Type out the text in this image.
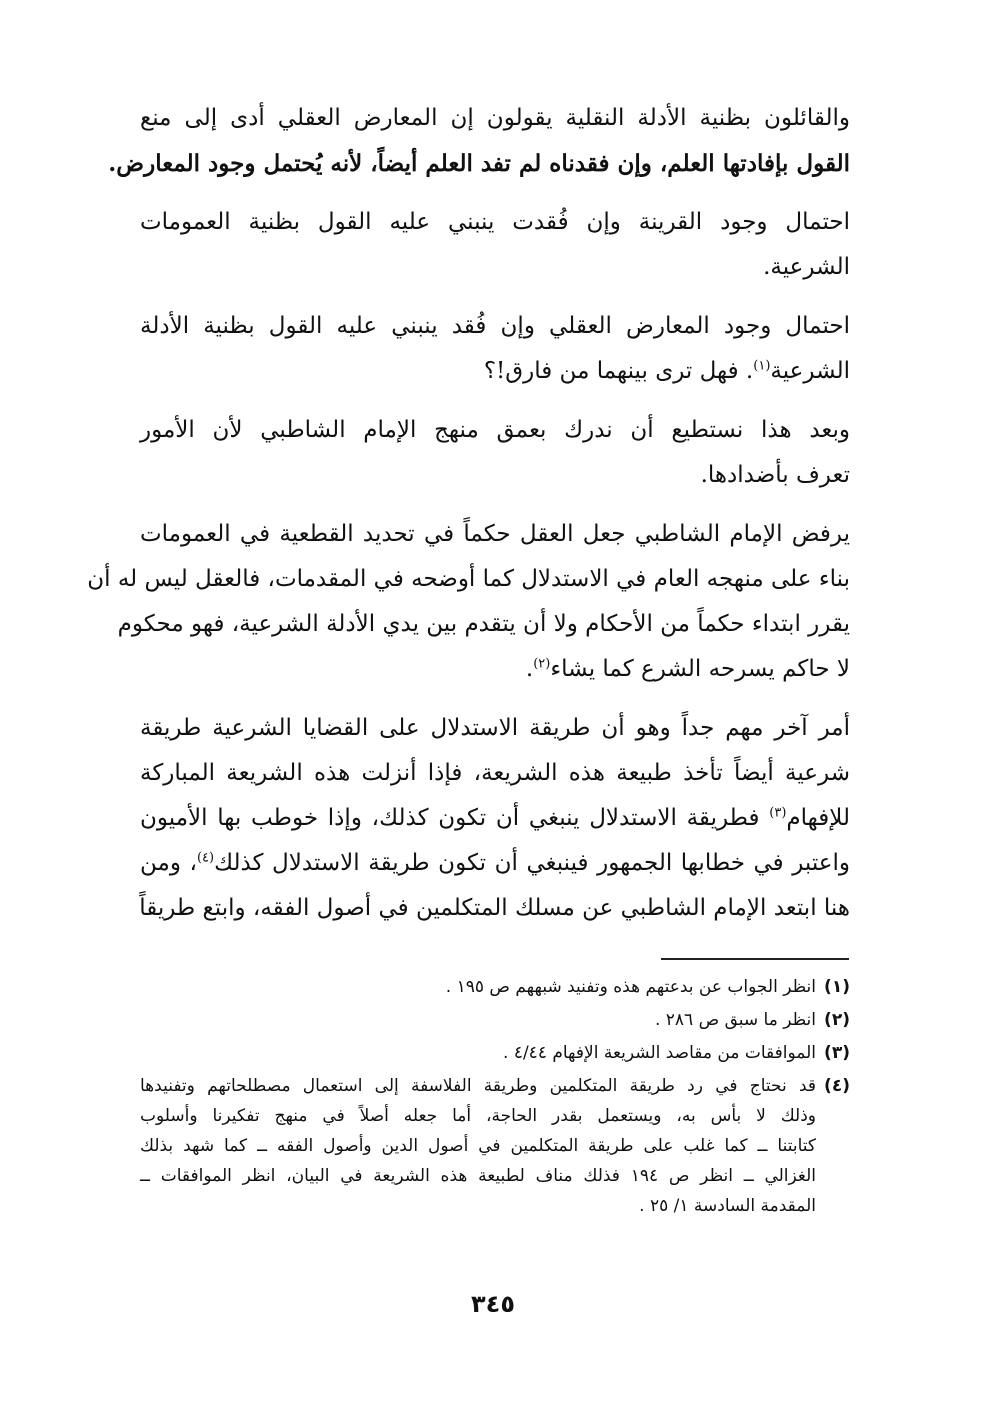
والقائلون بظنية الأدلة النقلية يقولون إن المعارض العقلي أدى إلى منع
القول بإفادتها العلم، وإن فقدناه لم تفد العلم أيضاً، لأنه يُحتمل وجود المعارض.
احتمال وجود القرينة وإن فُقدت ينبني عليه القول بظنية العمومات
الشرعية.
احتمال وجود المعارض العقلي وإن فُقد ينبني عليه القول بظنية الأدلة
الشرعية$^{(١)}$. فهل ترى بينهما من فارق!؟
وبعد هذا نستطيع أن ندرك بعمق منهج الإمام الشاطبي لأن الأمور
تعرف بأضدادها.
يرفض الإمام الشاطبي جعل العقل حكماً في تحديد القطعية في العمومات
بناء على منهجه العام في الاستدلال كما أوضحه في المقدمات، فالعقل ليس له أن
يقرر ابتداء حكماً من الأحكام ولا أن يتقدم بين يدي الأدلة الشرعية، فهو محكوم
لا حاكم يسرحه الشرع كما يشاء$^{(٢)}$.
أمر آخر مهم جداً وهو أن طريقة الاستدلال على القضايا الشرعية طريقة
شرعية أيضاً تأخذ طبيعة هذه الشريعة، فإذا أنزلت هذه الشريعة المباركة
للإفهام$^{(٣)}$ فطريقة الاستدلال ينبغي أن تكون كذلك، وإذا خوطب بها الأميون
واعتبر في خطابها الجمهور فينبغي أن تكون طريقة الاستدلال كذلك$^{(٤)}$، ومن
هنا ابتعد الإمام الشاطبي عن مسلك المتكلمين في أصول الفقه، وابتع طريقاً
(١)
انظر الجواب عن بدعتهم هذه وتفنيد شبههم ص ١٩٥ .
(٢)
انظر ما سبق ص ٢٨٦ .
(٣)
الموافقات من مقاصد الشريعة الإفهام ٤/٤٤ .
(٤)
قد نحتاج في رد طريقة المتكلمين وطريقة الفلاسفة إلى استعمال مصطلحاتهم وتفنيدها
وذلك لا بأس به، ويستعمل بقدر الحاجة، أما جعله أصلاً في منهج تفكيرنا وأسلوب
كتابتنا ــ كما غلب على طريقة المتكلمين في أصول الدين وأصول الفقه ــ كما شهد بذلك
الغزالي ــ انظر ص ١٩٤ فذلك مناف لطبيعة هذه الشريعة في البيان، انظر الموافقات ــ
المقدمة السادسة ١/ ٢٥ .
٣٤٥
